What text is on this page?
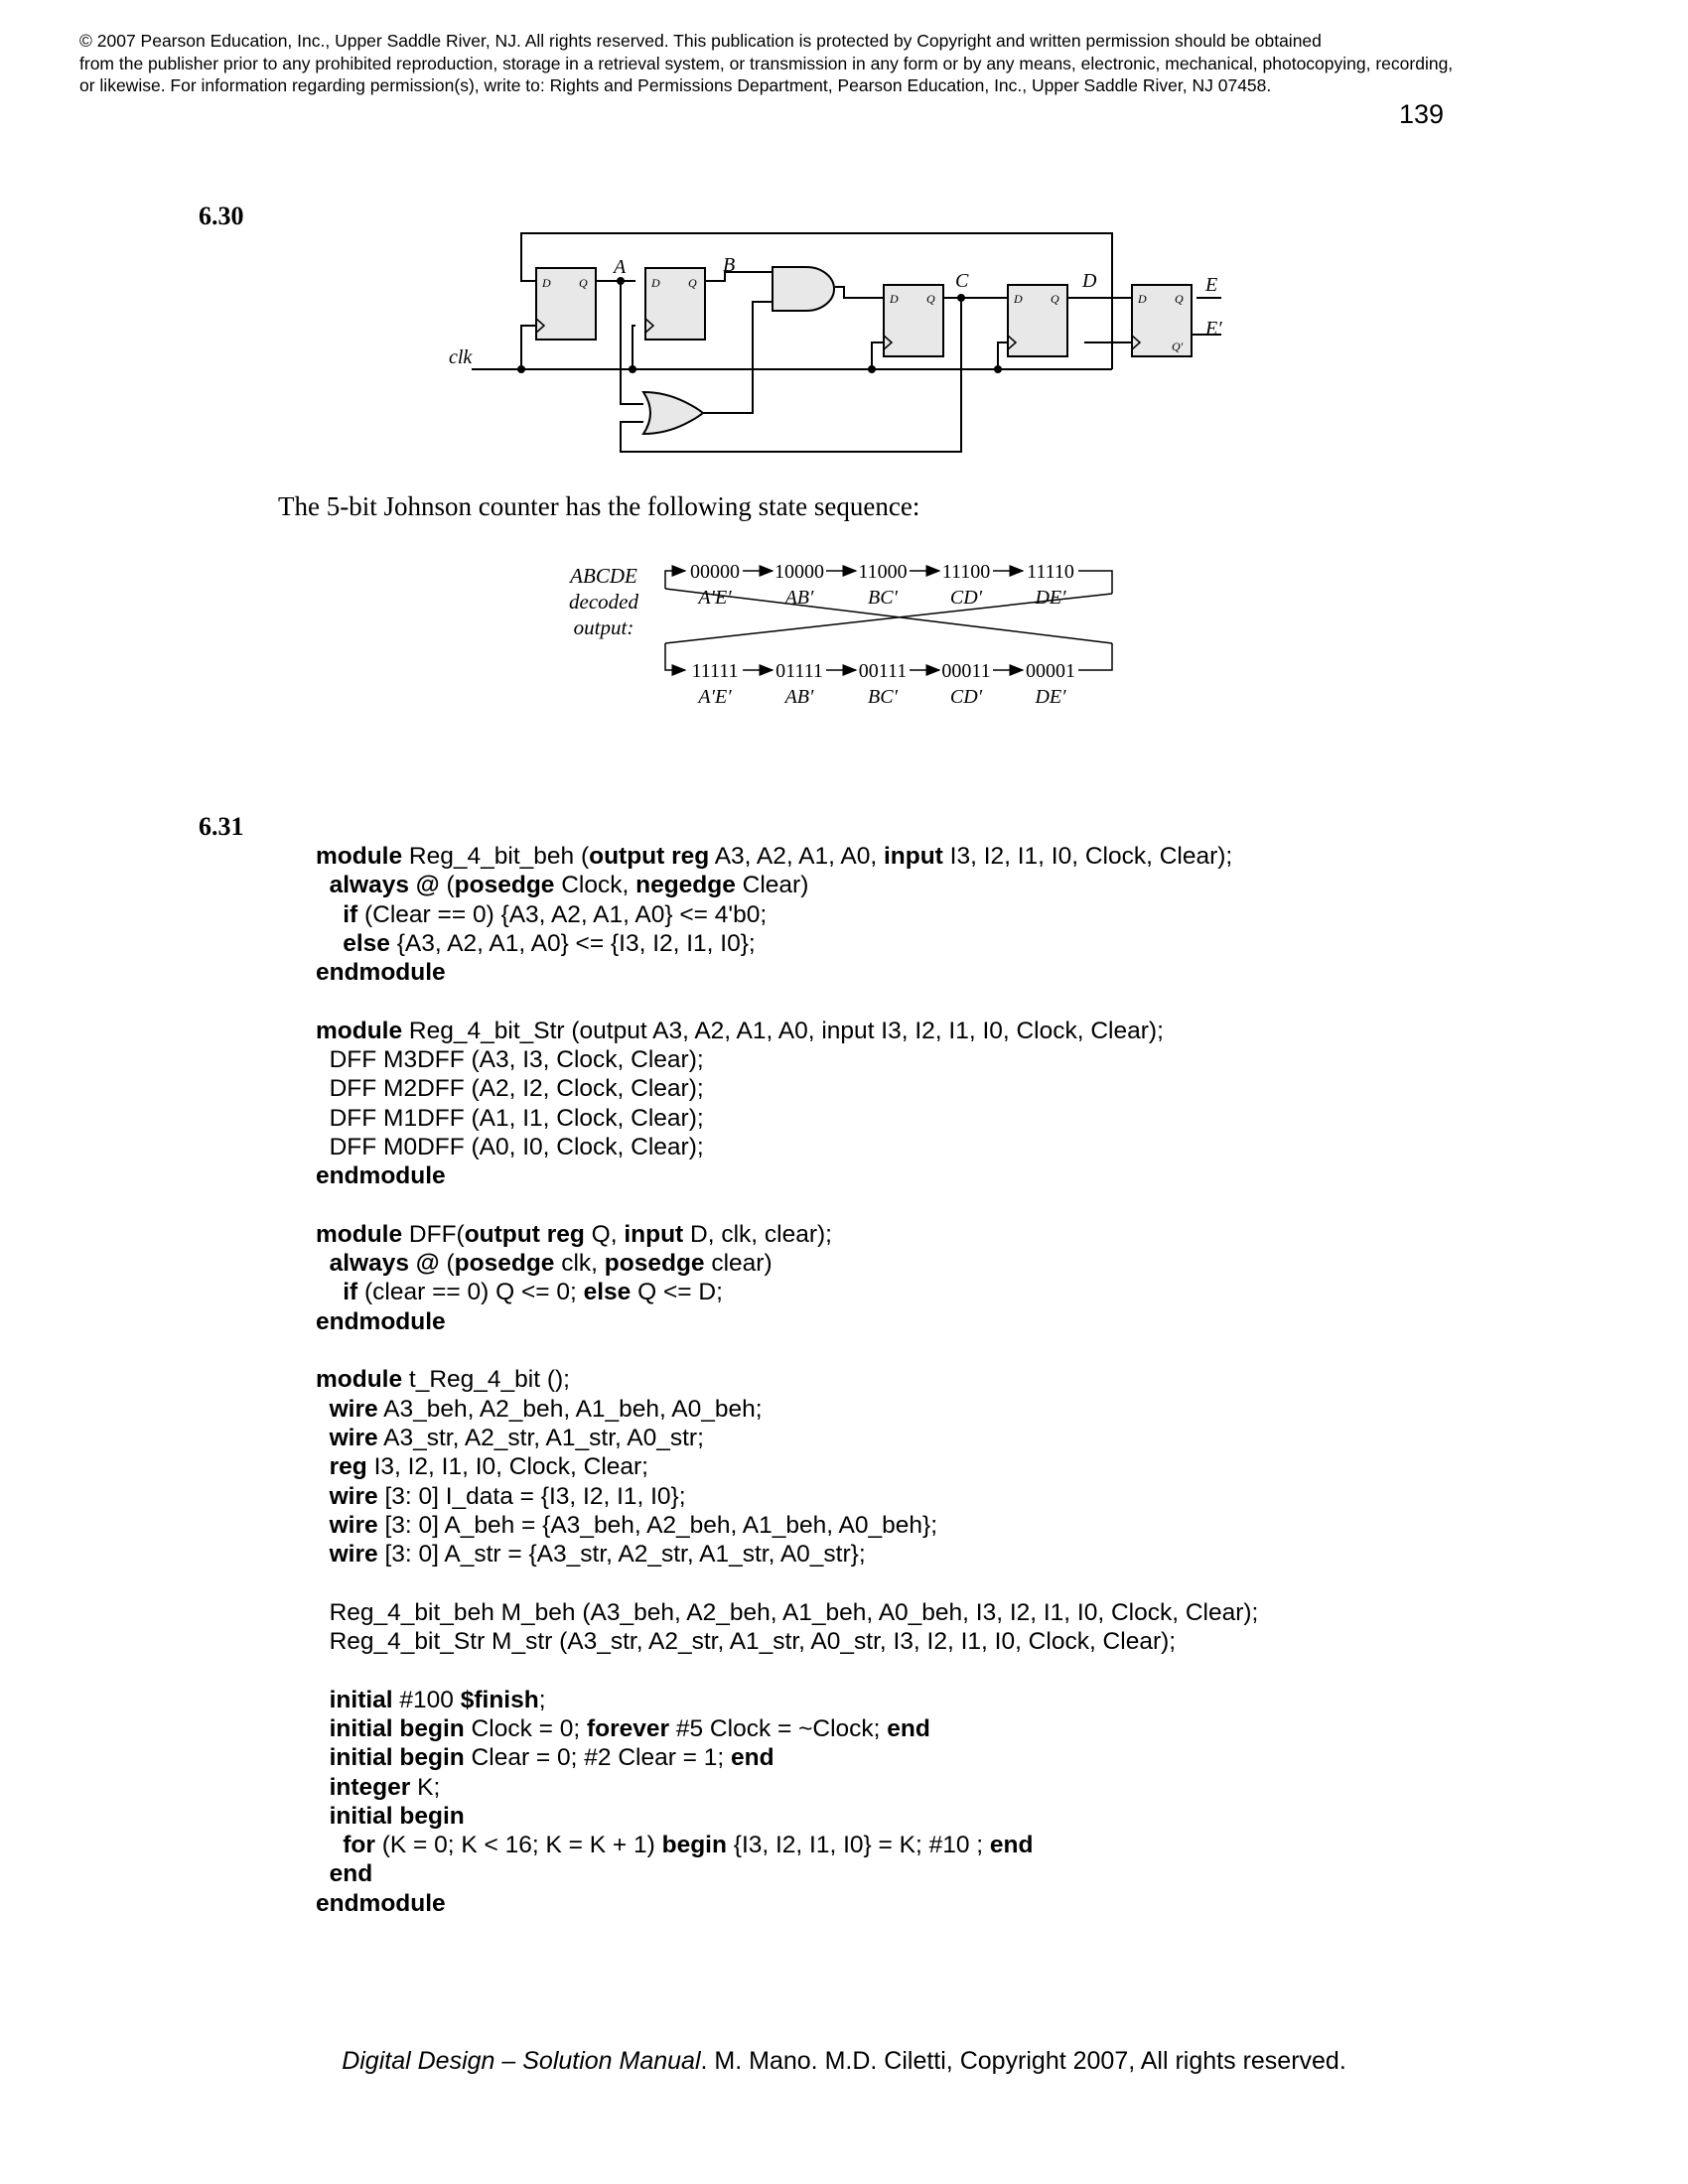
© 2007 Pearson Education, Inc., Upper Saddle River, NJ. All rights reserved. This publication is protected by Copyright and written permission should be obtained
from the publisher prior to any prohibited reproduction, storage in a retrieval system, or transmission in any form or by any means, electronic, mechanical, photocopying, recording,
or likewise. For information regarding permission(s), write to: Rights and Permissions Department, Pearson Education, Inc., Upper Saddle River, NJ 07458.
139
6.30
D Q	D Q
D Q	D Q	D Q
Q′
clk
A	B
C	D	E
E′
The 5-bit Johnson counter has the following state sequence:
ABCDE
decoded
output:
00000 10000 11000 11100 11110
11111 01111 00111 00011 00001
A′E′	AB′	BC′	CD′	DE′
A′E′	AB′	BC′	CD′	DE′
6.31
module Reg_4_bit_beh (output reg A3, A2, A1, A0, input I3, I2, I1, I0, Clock, Clear);
always @ (posedge Clock, negedge Clear)
if (Clear == 0) {A3, A2, A1, A0} <= 4'b0;
else {A3, A2, A1, A0} <= {I3, I2, I1, I0};
endmodule
module Reg_4_bit_Str (output A3, A2, A1, A0, input I3, I2, I1, I0, Clock, Clear);
DFF M3DFF (A3, I3, Clock, Clear);
DFF M2DFF (A2, I2, Clock, Clear);
DFF M1DFF (A1, I1, Clock, Clear);
DFF M0DFF (A0, I0, Clock, Clear);
endmodule
module DFF(output reg Q, input D, clk, clear);
always @ (posedge clk, posedge clear)
if (clear == 0) Q <= 0; else Q <= D;
endmodule
module t_Reg_4_bit ();
wire A3_beh, A2_beh, A1_beh, A0_beh;
wire A3_str, A2_str, A1_str, A0_str;
reg I3, I2, I1, I0, Clock, Clear;
wire [3: 0] I_data = {I3, I2, I1, I0};
wire [3: 0] A_beh = {A3_beh, A2_beh, A1_beh, A0_beh};
wire [3: 0] A_str = {A3_str, A2_str, A1_str, A0_str};
Reg_4_bit_beh M_beh (A3_beh, A2_beh, A1_beh, A0_beh, I3, I2, I1, I0, Clock, Clear);
Reg_4_bit_Str M_str (A3_str, A2_str, A1_str, A0_str, I3, I2, I1, I0, Clock, Clear);
initial #100 $finish;
initial begin Clock = 0; forever #5 Clock = ~Clock; end
initial begin Clear = 0; #2 Clear = 1; end
integer K;
initial begin
for (K = 0; K < 16; K = K + 1) begin {I3, I2, I1, I0} = K; #10 ; end
end
endmodule
Digital Design – Solution Manual. M. Mano. M.D. Ciletti, Copyright 2007, All rights reserved.
